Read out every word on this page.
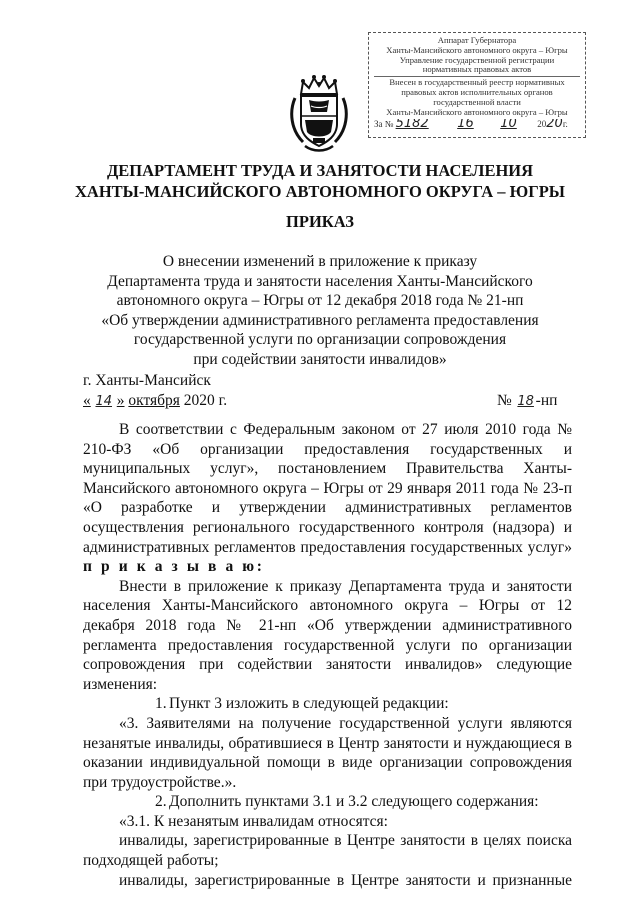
Аппарат Губернатора
Ханты-Мансийского автономного округа – Югры
Управление государственной регистрации
нормативных правовых актов
Внесен в государственный реестр нормативных
правовых актов исполнительных органов
государственной власти
Ханты-Мансийского автономного округа – Югры
За № 5182 16 10 2020г.
ДЕПАРТАМЕНТ ТРУДА И ЗАНЯТОСТИ НАСЕЛЕНИЯ
ХАНТЫ-МАНСИЙСКОГО АВТОНОМНОГО ОКРУГА – ЮГРЫ
ПРИКАЗ
О внесении изменений в приложение к приказу
Департамента труда и занятости населения Ханты-Мансийского
автономного округа – Югры от 12 декабря 2018 года № 21-нп
«Об утверждении административного регламента предоставления
государственной услуги по организации сопровождения
при содействии занятости инвалидов»
г. Ханты-Мансийск
« 14 » октября 2020 г.	№ 18 -нп

В соответствии с Федеральным законом от 27 июля 2010 года № 210-ФЗ «Об организации предоставления государственных и муниципальных услуг», постановлением Правительства Ханты-Мансийского автономного округа – Югры от 29 января 2011 года № 23-п «О разработке и утверждении административных регламентов осуществления регионального государственного контроля (надзора) и административных регламентов предоставления государственных услуг»

п р и к а з ы в а ю:

Внести в приложение к приказу Департамента труда и занятости населения Ханты-Мансийского автономного округа – Югры от 12 декабря 2018 года № 21-нп «Об утверждении административного регламента предоставления государственной услуги по организации сопровождения при содействии занятости инвалидов» следующие изменения:

1. Пункт 3 изложить в следующей редакции:

«3. Заявителями на получение государственной услуги являются незанятые инвалиды, обратившиеся в Центр занятости и нуждающиеся в оказании индивидуальной помощи в виде организации сопровождения при трудоустройстве.».

2. Дополнить пунктами 3.1 и 3.2 следующего содержания:

«3.1. К незанятым инвалидам относятся:

инвалиды, зарегистрированные в Центре занятости в целях поиска подходящей работы;

инвалиды, зарегистрированные в Центре занятости и признанные
